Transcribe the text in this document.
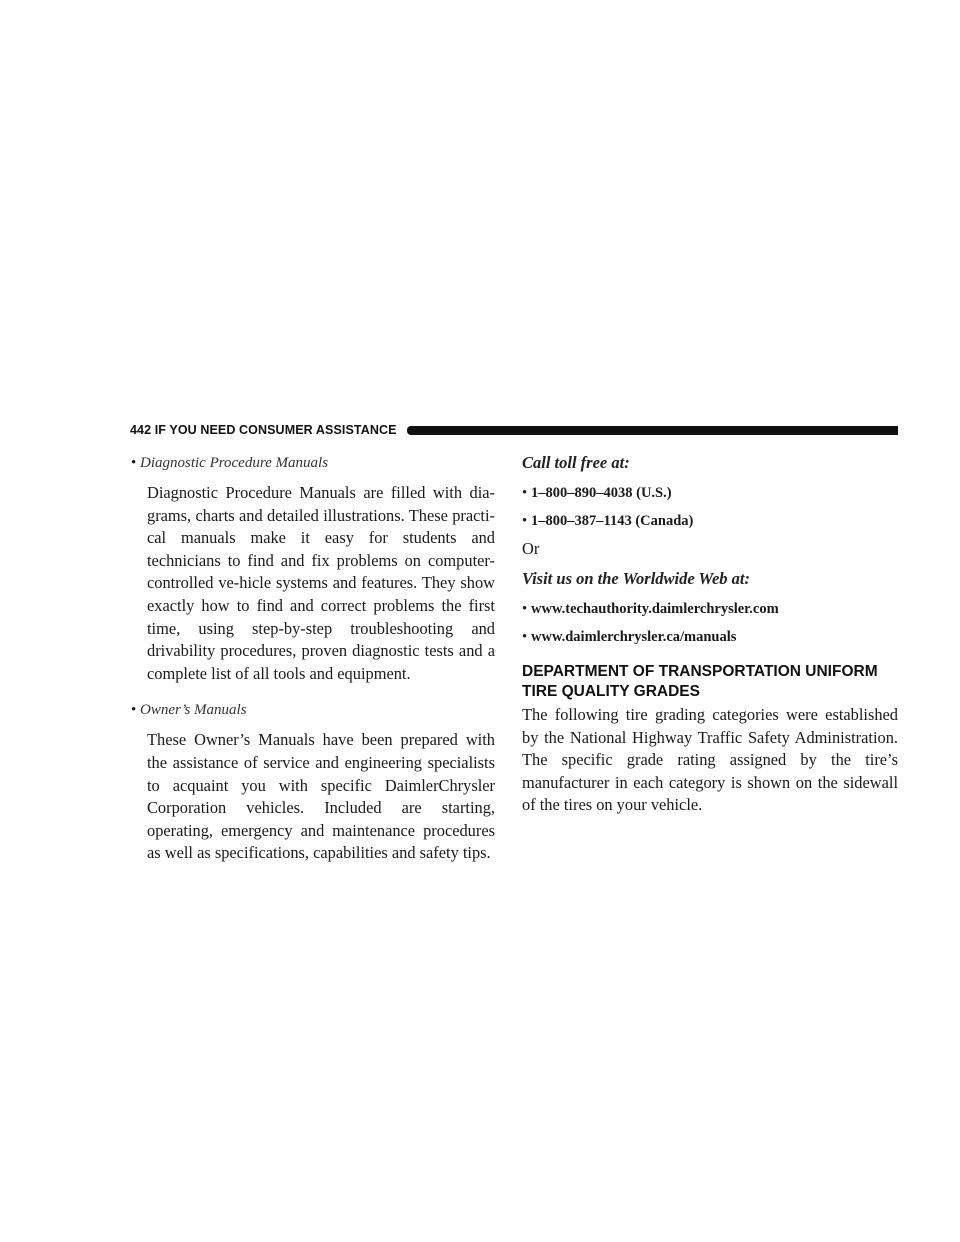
442 IF YOU NEED CONSUMER ASSISTANCE
• Diagnostic Procedure Manuals
Diagnostic Procedure Manuals are filled with dia-grams, charts and detailed illustrations. These practi-cal manuals make it easy for students and technicians to find and fix problems on computer-controlled ve-hicle systems and features. They show exactly how to find and correct problems the first time, using step-by-step troubleshooting and drivability procedures, proven diagnostic tests and a complete list of all tools and equipment.
• Owner’s Manuals
These Owner’s Manuals have been prepared with the assistance of service and engineering specialists to acquaint you with specific DaimlerChrysler Corporation vehicles. Included are starting, operating, emergency and maintenance procedures as well as specifications, capabilities and safety tips.
Call toll free at:
• 1–800–890–4038 (U.S.)
• 1–800–387–1143 (Canada)
Or
Visit us on the Worldwide Web at:
• www.techauthority.daimlerchrysler.com
• www.daimlerchrysler.ca/manuals
DEPARTMENT OF TRANSPORTATION UNIFORM TIRE QUALITY GRADES
The following tire grading categories were established by the National Highway Traffic Safety Administration. The specific grade rating assigned by the tire’s manufacturer in each category is shown on the sidewall of the tires on your vehicle.
